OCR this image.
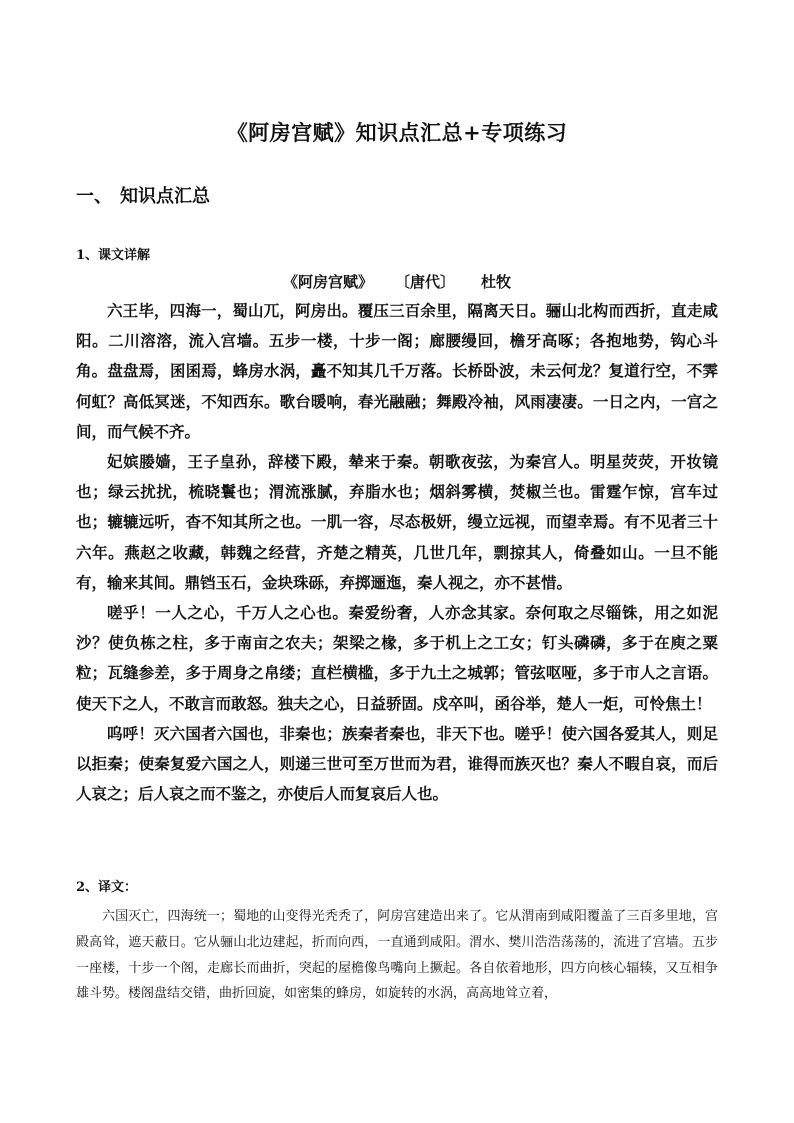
《阿房宫赋》知识点汇总+专项练习
一、 知识点汇总
1、课文详解
《阿房宫赋》 〔唐代〕 杜牧

六王毕，四海一，蜀山兀，阿房出。覆压三百余里，隔离天日。骊山北构而西折，直走咸阳。二川溶溶，流入宫墙。五步一楼，十步一阁；廊腰缦回，檐牙高啄；各抱地势，钩心斗角。盘盘焉，囷囷焉，蜂房水涡，矗不知其几千万落。长桥卧波，未云何龙？复道行空，不霁何虹？高低冥迷，不知西东。歌台暖响，春光融融；舞殿冷袖，风雨凄凄。一日之内，一宫之间，而气候不齐。

妃嫔媵嫱，王子皇孙，辞楼下殿，辇来于秦。朝歌夜弦，为秦宫人。明星荧荧，开妆镜也；绿云扰扰，梳晓鬟也；渭流涨腻，弃脂水也；烟斜雾横，焚椒兰也。雷霆乍惊，宫车过也；辘辘远听，杳不知其所之也。一肌一容，尽态极妍，缦立远视，而望幸焉。有不见者三十六年。燕赵之收藏，韩魏之经营，齐楚之精英，几世几年，剽掠其人，倚叠如山。一旦不能有，输来其间。鼎铛玉石，金块珠砾，弃掷逦迤，秦人视之，亦不甚惜。

嗟乎！一人之心，千万人之心也。秦爱纷奢，人亦念其家。奈何取之尽锱铢，用之如泥沙？使负栋之柱，多于南亩之农夫；架梁之椽，多于机上之工女；钉头磷磷，多于在庾之粟粒；瓦缝参差，多于周身之帛缕；直栏横槛，多于九土之城郭；管弦呕哑，多于市人之言语。使天下之人，不敢言而敢怒。独夫之心，日益骄固。戍卒叫，函谷举，楚人一炬，可怜焦土！

呜呼！灭六国者六国也，非秦也；族秦者秦也，非天下也。嗟乎！使六国各爱其人，则足以拒秦；使秦复爱六国之人，则递三世可至万世而为君，谁得而族灭也？秦人不暇自哀，而后人哀之；后人哀之而不鉴之，亦使后人而复哀后人也。

2、译文：

六国灭亡，四海统一；蜀地的山变得光秃秃了，阿房宫建造出来了。它从渭南到咸阳覆盖了三百多里地，宫殿高耸，遮天蔽日。它从骊山北边建起，折而向西，一直通到咸阳。渭水、樊川浩浩荡荡的，流进了宫墙。五步一座楼，十步一个阁，走廊长而曲折，突起的屋檐像鸟嘴向上撅起。各自依着地形，四方向核心辐辏，又互相争雄斗势。楼阁盘结交错，曲折回旋，如密集的蜂房，如旋转的水涡，高高地耸立着，
